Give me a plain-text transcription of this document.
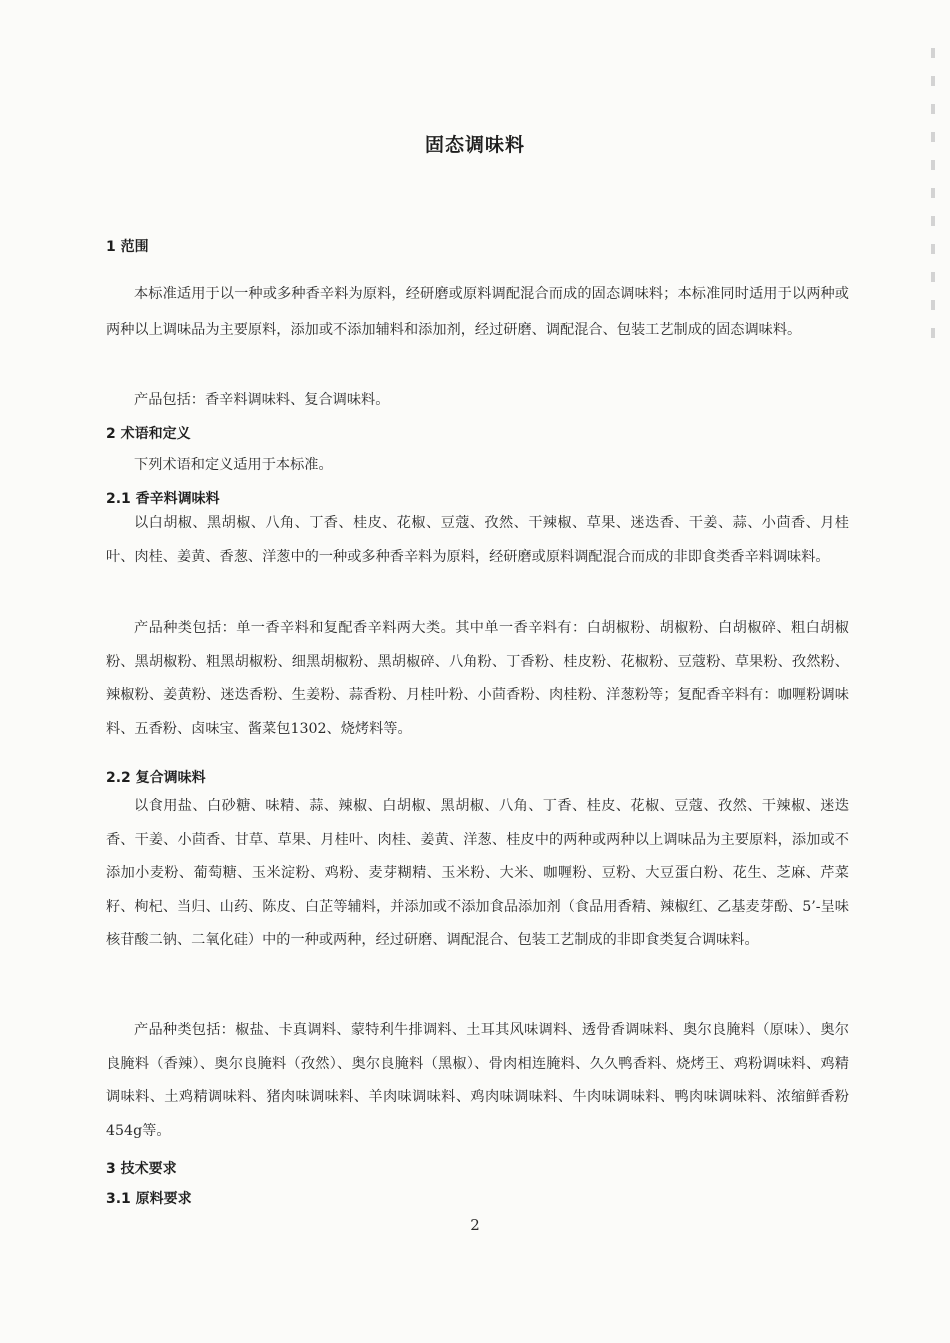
固态调味料
1 范围
本标准适用于以一种或多种香辛料为原料，经研磨或原料调配混合而成的固态调味料；本标准同时适用于以两种或两种以上调味品为主要原料，添加或不添加辅料和添加剂，经过研磨、调配混合、包装工艺制成的固态调味料。
产品包括：香辛料调味料、复合调味料。
2 术语和定义
下列术语和定义适用于本标准。
2.1 香辛料调味料
以白胡椒、黑胡椒、八角、丁香、桂皮、花椒、豆蔻、孜然、干辣椒、草果、迷迭香、干姜、蒜、小茴香、月桂叶、肉桂、姜黄、香葱、洋葱中的一种或多种香辛料为原料，经研磨或原料调配混合而成的非即食类香辛料调味料。
产品种类包括：单一香辛料和复配香辛料两大类。其中单一香辛料有：白胡椒粉、胡椒粉、白胡椒碎、粗白胡椒粉、黑胡椒粉、粗黑胡椒粉、细黑胡椒粉、黑胡椒碎、八角粉、丁香粉、桂皮粉、花椒粉、豆蔻粉、草果粉、孜然粉、辣椒粉、姜黄粉、迷迭香粉、生姜粉、蒜香粉、月桂叶粉、小茴香粉、肉桂粉、洋葱粉等；复配香辛料有：咖喱粉调味料、五香粉、卤味宝、酱菜包1302、烧烤料等。
2.2 复合调味料
以食用盐、白砂糖、味精、蒜、辣椒、白胡椒、黑胡椒、八角、丁香、桂皮、花椒、豆蔻、孜然、干辣椒、迷迭香、干姜、小茴香、甘草、草果、月桂叶、肉桂、姜黄、洋葱、桂皮中的两种或两种以上调味品为主要原料，添加或不添加小麦粉、葡萄糖、玉米淀粉、鸡粉、麦芽糊精、玉米粉、大米、咖喱粉、豆粉、大豆蛋白粉、花生、芝麻、芹菜籽、枸杞、当归、山药、陈皮、白芷等辅料，并添加或不添加食品添加剂（食品用香精、辣椒红、乙基麦芽酚、5’-呈味核苷酸二钠、二氧化硅）中的一种或两种，经过研磨、调配混合、包装工艺制成的非即食类复合调味料。
产品种类包括：椒盐、卡真调料、蒙特利牛排调料、土耳其风味调料、透骨香调味料、奥尔良腌料（原味）、奥尔良腌料（香辣）、奥尔良腌料（孜然）、奥尔良腌料（黑椒）、骨肉相连腌料、久久鸭香料、烧烤王、鸡粉调味料、鸡精调味料、土鸡精调味料、猪肉味调味料、羊肉味调味料、鸡肉味调味料、牛肉味调味料、鸭肉味调味料、浓缩鲜香粉454g等。
3 技术要求
3.1 原料要求
2
